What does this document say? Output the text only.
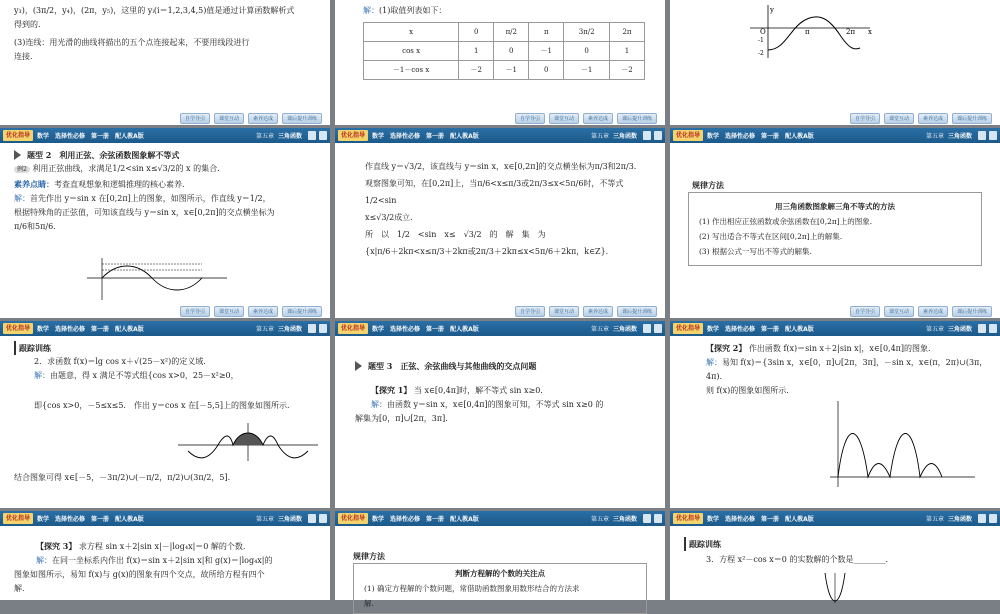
y₃)，(3π/2，y₄)，(2π，y₅)，这里的 yᵢ(i＝1,2,3,4,5)值是通过计算函数解析式
得到的.
(3)连线：用光滑的曲线将描出的五个点连接起来，不要用线段进行
连接.
自学导引	课堂互动	素养达成	课后提升训练
解：(1)取值列表如下：
x	0	π/2	π	3π/2	2π
cos x	1	0	－1	0	1
－1－cos x	－2	－1	0	－1	－2
自学导引	课堂互动	素养达成	课后提升训练
y
O	π	2π x
-1
-2
自学导引	课堂互动	素养达成	课后提升训练
优化指导	数学 选择性必修 第一册 配人教A版	第五章 三角函数
题型 2　利用正弦、余弦函数图象解不等式
例2 利用正弦曲线，求满足1/2<sin x≤√3/2的 x 的集合.
素养点睛：考查直观想象和逻辑推理的核心素养.
解：首先作出 y＝sin x 在[0,2π]上的图象，如图所示，作直线 y＝1/2，
根据特殊角的正弦值，可知该直线与 y＝sin x，x∈[0,2π]的交点横坐标为
π/6和5π/6.
自学导引	课堂互动	素养达成	课后提升训练
优化指导	数学 选择性必修 第一册 配人教A版	第五章 三角函数
作直线 y＝√3/2，该直线与 y＝sin x，x∈[0,2π]的交点横坐标为π/3和2π/3.
观察图象可知，在[0,2π]上，当π/6<x≤π/3或2π/3≤x<5π/6时，不等式1/2<sin
x≤√3/2成立.
所　以　1/2　<sin　x≤　√3/2　的　解　集　为
{x|π/6＋2kπ<x≤π/3＋2kπ或2π/3＋2kπ≤x<5π/6＋2kπ，k∈Z}.
自学导引	课堂互动	素养达成	课后提升训练
优化指导	数学 选择性必修 第一册 配人教A版	第五章 三角函数
规律方法
用三角函数图象解三角不等式的方法
(1) 作出相应正弦函数或余弦函数在[0,2π]上的图象.
(2) 写出适合不等式在区间[0,2π]上的解集.
(3) 根据公式一写出不等式的解集.
自学导引	课堂互动	素养达成	课后提升训练
优化指导	数学 选择性必修 第一册 配人教A版	第五章 三角函数
跟踪训练
2．求函数 f(x)＝lg cos x＋√(25－x²)的定义域.
解：由题意，得 x 满足不等式组{cos x>0，25－x²≥0，
即{cos x>0，－5≤x≤5.　作出 y＝cos x 在[－5,5]上的图象如图所示.
结合图象可得 x∈[－5，－3π/2)∪(－π/2，π/2)∪(3π/2，5].
优化指导	数学 选择性必修 第一册 配人教A版	第五章 三角函数
题型 3　正弦、余弦曲线与其他曲线的交点问题
【探究 1】 当 x∈[0,4π]时，解不等式 sin x≥0.
解：由函数 y＝sin x，x∈[0,4π]的图象可知，不等式 sin x≥0 的
解集为[0，π]∪[2π，3π].
优化指导	数学 选择性必修 第一册 配人教A版	第五章 三角函数
【探究 2】 作出函数 f(x)＝sin x＋2|sin x|，x∈[0,4π]的图象.
解：易知 f(x)＝{3sin x，x∈[0，π]∪[2π，3π]，－sin x，x∈(π，2π)∪(3π，4π).
则 f(x)的图象如图所示.
优化指导	数学 选择性必修 第一册 配人教A版	第五章 三角函数
【探究 3】 求方程 sin x＋2|sin x|－|log₄x|＝0 解的个数.
解：在同一坐标系内作出 f(x)＝sin x＋2|sin x|和 g(x)＝|log₄x|的
图象如图所示，易知 f(x)与 g(x)的图象有四个交点，故所给方程有四个
解.
优化指导	数学 选择性必修 第一册 配人教A版	第五章 三角函数
规律方法
判断方程解的个数的关注点
(1) 确定方程解的个数问题，常借助函数图象用数形结合的方法求
解.
优化指导	数学 选择性必修 第一册 配人教A版	第五章 三角函数
跟踪训练
3．方程 x²－cos x＝0 的实数解的个数是________.
